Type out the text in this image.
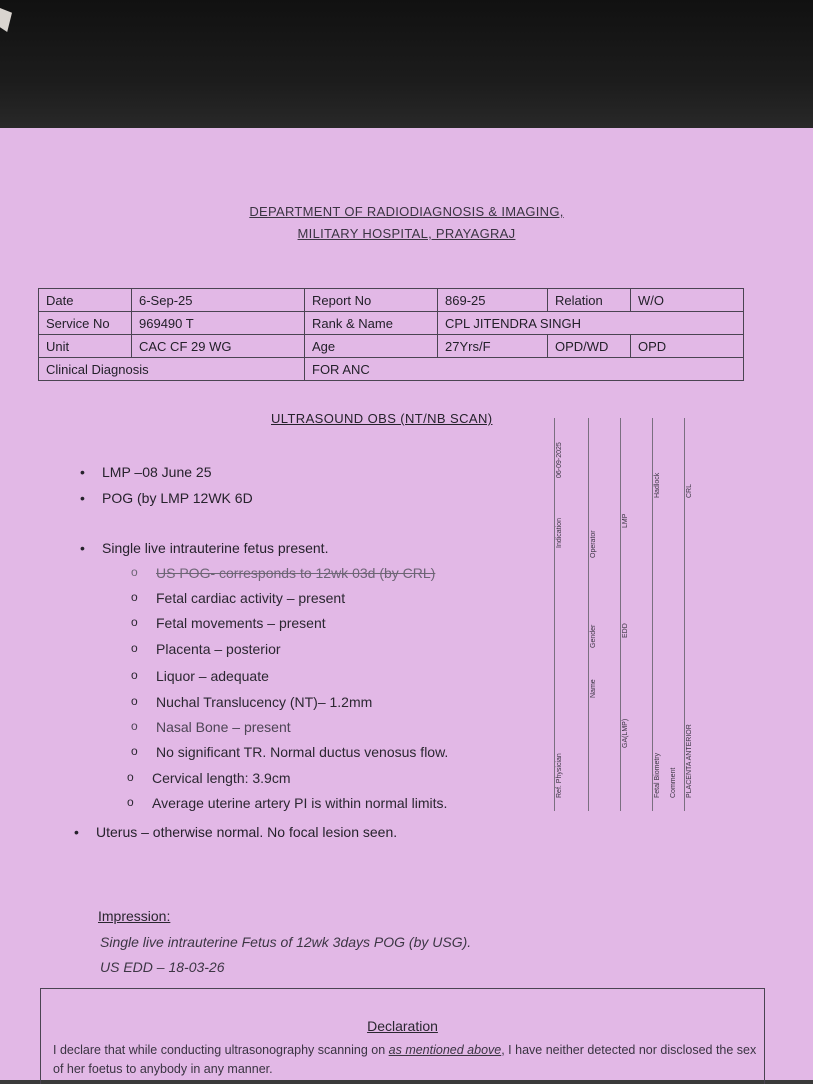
DEPARTMENT OF RADIODIAGNOSIS & IMAGING,
MILITARY HOSPITAL, PRAYAGRAJ
Date	6-Sep-25	Report No	869-25	Relation	W/O
Service No	969490 T	Rank & Name	CPL JITENDRA SINGH		
Unit	CAC CF 29 WG	Age	27Yrs/F	OPD/WD	OPD
Clinical Diagnosis		FOR ANC			
ULTRASOUND OBS (NT/NB SCAN)
• LMP –08 June 25
• POG (by LMP 12WK 6D
• Single live intrauterine fetus present.
o US POG- corresponds to 12wk 03d (by CRL)
o Fetal cardiac activity – present
o Fetal movements – present
o Placenta – posterior
o Liquor – adequate
o Nuchal Translucency (NT)– 1.2mm
o Nasal Bone – present
o No significant TR. Normal ductus venosus flow.
o Cervical length: 3.9cm
o Average uterine artery PI is within normal limits.
• Uterus – otherwise normal. No focal lesion seen.
06-09-2025
Indication
Ref. Physician
Operator
Gender
Name
LMP
EDD
GA(LMP)
Hadlock
Fetal Biometry
CRL
PLACENTA ANTERIOR
Comment
Impression:
Single live intrauterine Fetus of 12wk 3days POG (by USG).
US EDD – 18-03-26
Declaration
I declare that while conducting ultrasonography scanning on as mentioned above, I have neither detected nor disclosed the sex of her foetus to anybody in any manner.
